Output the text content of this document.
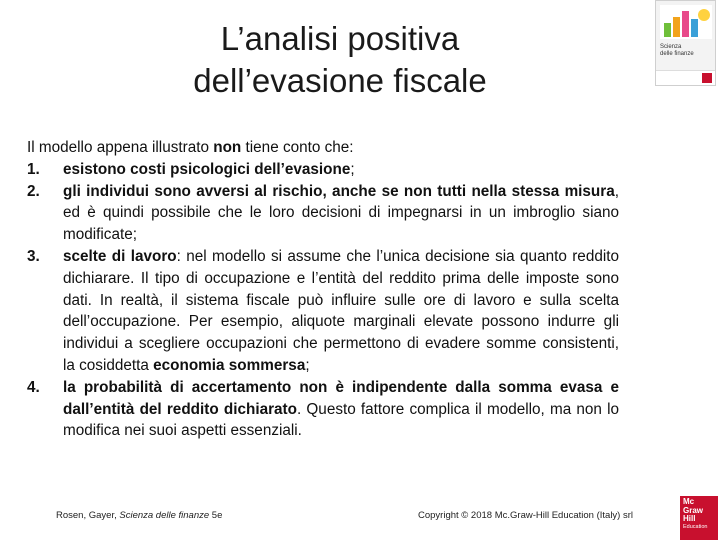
L’analisi positiva
dell’evasione fiscale
Scienza
delle finanze
Il modello appena illustrato non tiene conto che:
1. esistono costi psicologici dell’evasione;
2. gli individui sono avversi al rischio, anche se non tutti nella stessa misura, ed è quindi possibile che le loro decisioni di impegnarsi in un imbroglio siano modificate;
3. scelte di lavoro: nel modello si assume che l’unica decisione sia quanto reddito dichiarare. Il tipo di occupazione e l’entità del reddito prima delle imposte sono dati. In realtà, il sistema fiscale può influire sulle ore di lavoro e sulla scelta dell’occupazione. Per esempio, aliquote marginali elevate possono indurre gli individui a scegliere occupazioni che permettono di evadere somme consistenti, la cosiddetta economia sommersa;
4. la probabilità di accertamento non è indipendente dalla somma evasa e dall’entità del reddito dichiarato. Questo fattore complica il modello, ma non lo modifica nei suoi aspetti essenziali.
Rosen, Gayer, Scienza delle finanze 5e	Copyright © 2018 Mc.Graw-Hill Education (Italy) srl
Mc
Graw
Hill
Education
